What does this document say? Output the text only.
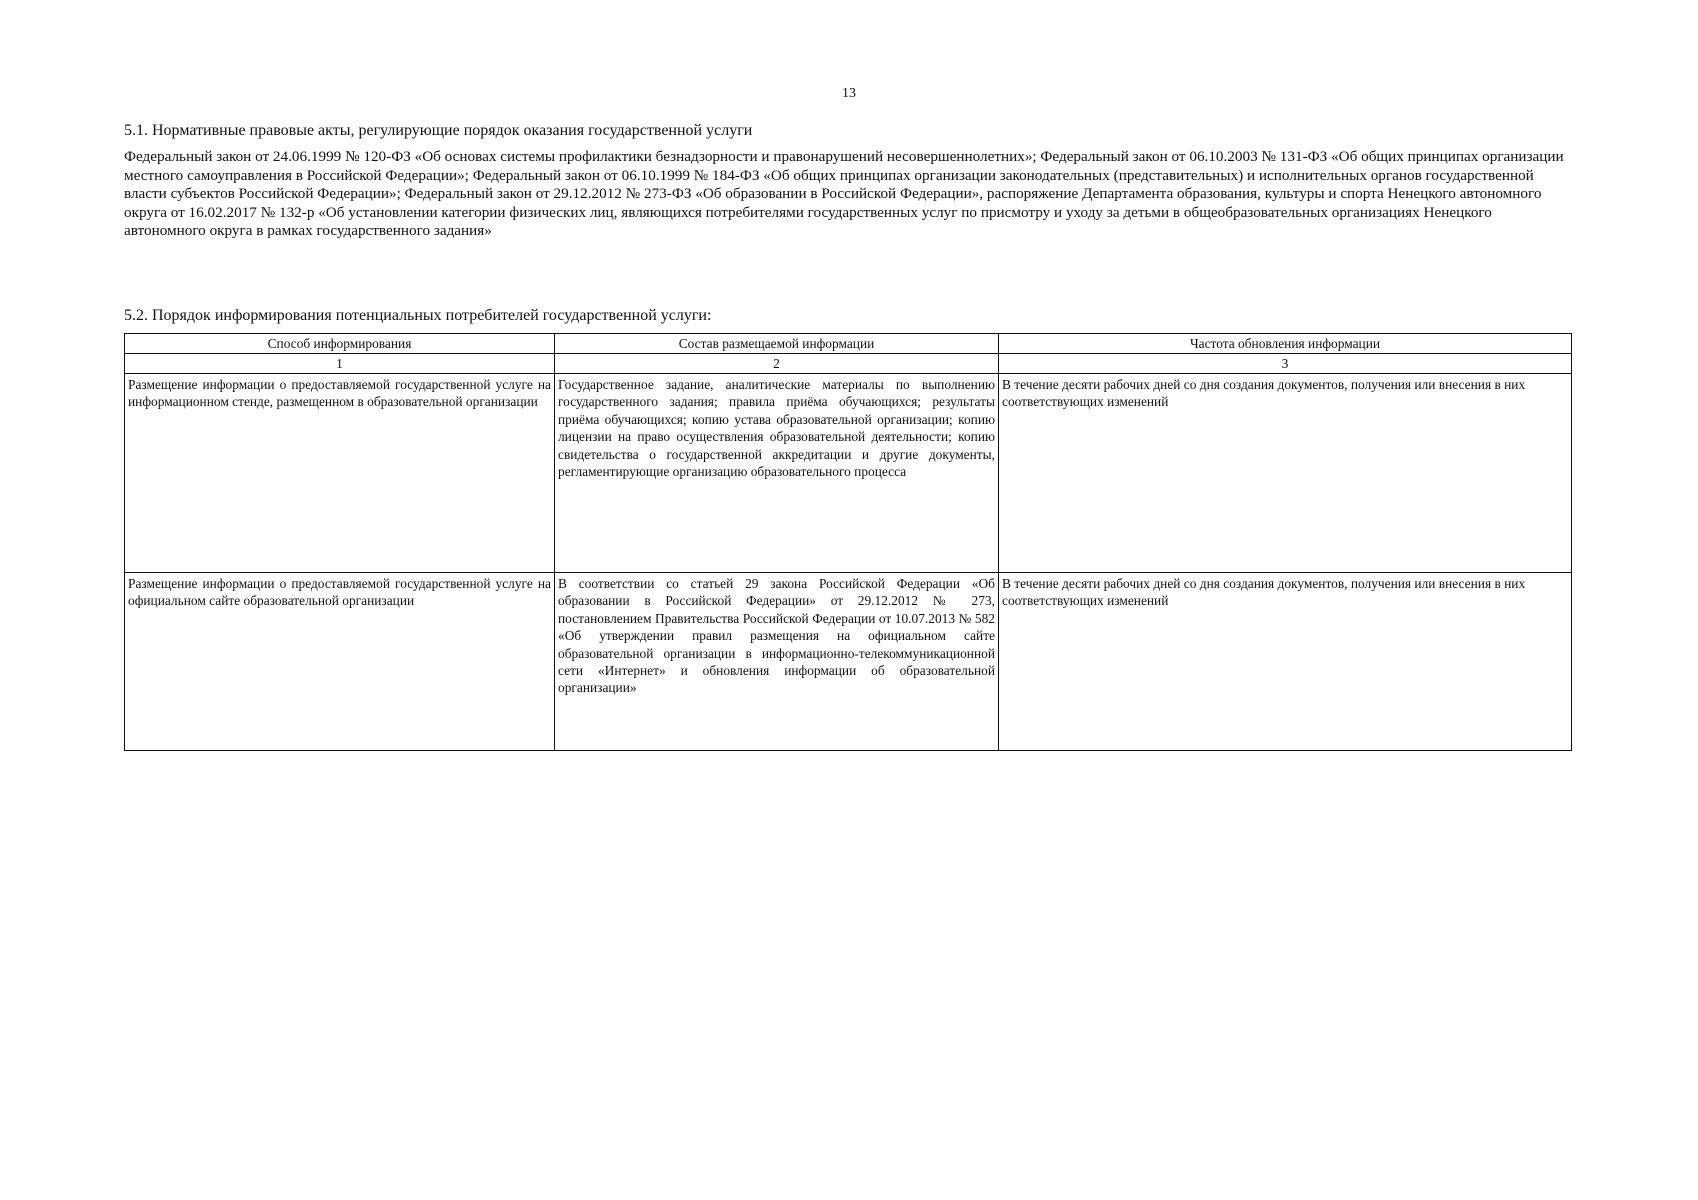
13
5.1. Нормативные правовые акты, регулирующие порядок оказания государственной услуги
Федеральный закон от 24.06.1999 № 120-ФЗ «Об основах системы профилактики безнадзорности и правонарушений несовершеннолетних»; Федеральный закон от 06.10.2003 № 131-ФЗ «Об общих принципах организации местного самоуправления в Российской Федерации»; Федеральный закон от 06.10.1999 № 184-ФЗ «Об общих принципах организации законодательных (представительных) и исполнительных органов государственной власти субъектов Российской Федерации»; Федеральный закон от 29.12.2012 № 273-ФЗ «Об образовании в Российской Федерации», распоряжение Департамента образования, культуры и спорта Ненецкого автономного округа от 16.02.2017 № 132-р «Об установлении категории физических лиц, являющихся потребителями государственных услуг по присмотру и уходу за детьми в общеобразовательных организациях Ненецкого автономного округа в рамках государственного задания»
5.2. Порядок информирования потенциальных потребителей государственной услуги:
Способ информирования	Состав размещаемой информации	Частота обновления информации
1	2	3
Размещение информации о предоставляемой государственной услуге на информационном стенде, размещенном в образовательной организации	Государственное задание, аналитические материалы по выполнению государственного задания; правила приёма обучающихся; результаты приёма обучающихся; копию устава образовательной организации; копию лицензии на право осуществления образовательной деятельности; копию свидетельства о государственной аккредитации и другие документы, регламентирующие организацию образовательного процесса	В течение десяти рабочих дней со дня создания документов, получения или внесения в них соответствующих изменений
Размещение информации о предоставляемой государственной услуге на официальном сайте образовательной организации	В соответствии со статьей 29 закона Российской Федерации «Об образовании в Российской Федерации» от 29.12.2012 № 273, постановлением Правительства Российской Федерации от 10.07.2013 № 582 «Об утверждении правил размещения на официальном сайте образовательной организации в информационно-телекоммуникационной сети «Интернет» и обновления информации об образовательной организации»	В течение десяти рабочих дней со дня создания документов, получения или внесения в них соответствующих изменений
